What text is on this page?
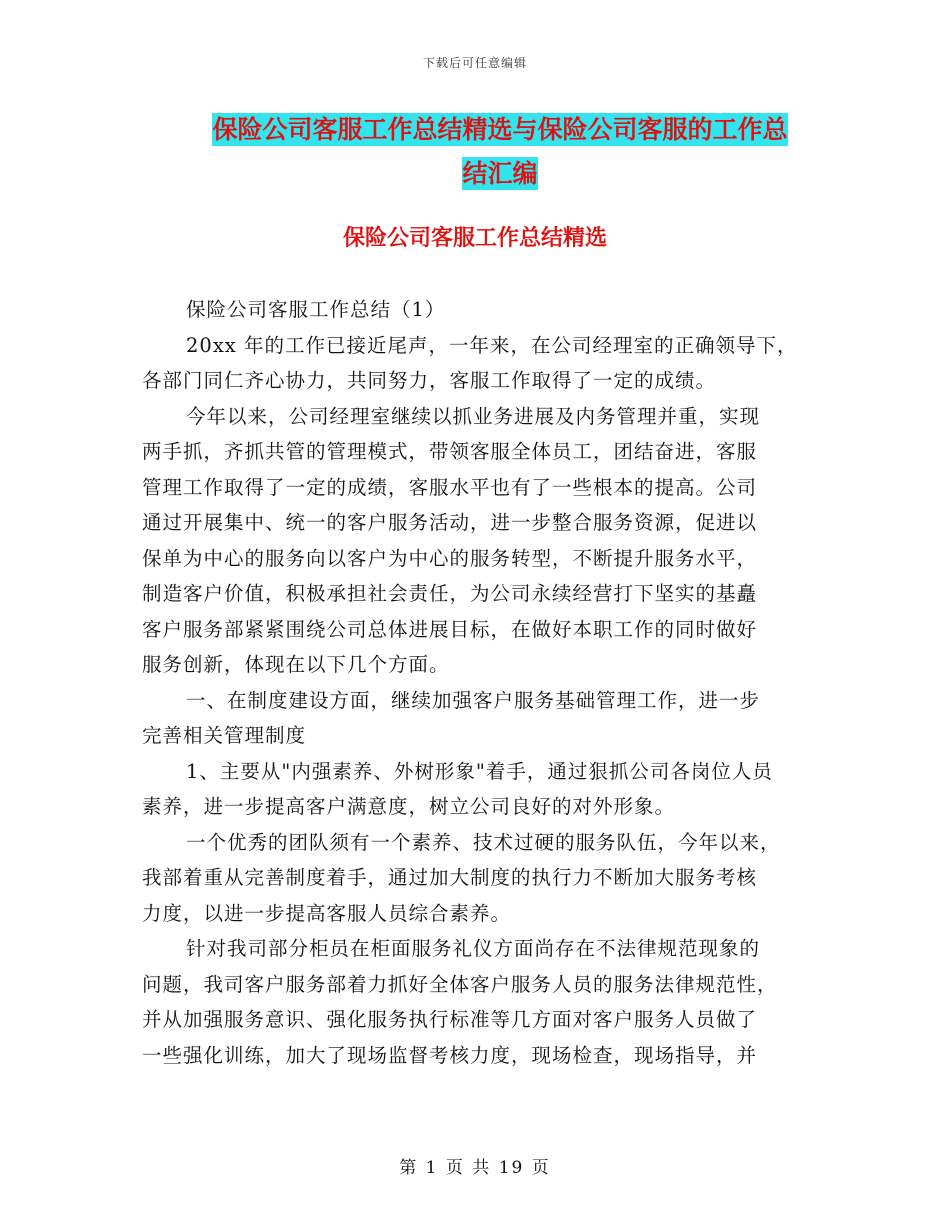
下载后可任意编辑
保险公司客服工作总结精选与保险公司客服的工作总
结汇编
保险公司客服工作总结精选
保险公司客服工作总结（1）
20xx 年的工作已接近尾声，一年来，在公司经理室的正确领导下，
各部门同仁齐心协力，共同努力，客服工作取得了一定的成绩。
今年以来，公司经理室继续以抓业务进展及内务管理并重，实现
两手抓，齐抓共管的管理模式，带领客服全体员工，团结奋进，客服
管理工作取得了一定的成绩，客服水平也有了一些根本的提高。公司
通过开展集中、统一的客户服务活动，进一步整合服务资源，促进以
保单为中心的服务向以客户为中心的服务转型，不断提升服务水平，
制造客户价值，积极承担社会责任，为公司永续经营打下坚实的基矗
客户服务部紧紧围绕公司总体进展目标，在做好本职工作的同时做好
服务创新，体现在以下几个方面。
一、在制度建设方面，继续加强客户服务基础管理工作，进一步
完善相关管理制度
1、主要从"内强素养、外树形象"着手，通过狠抓公司各岗位人员
素养，进一步提高客户满意度，树立公司良好的对外形象。
一个优秀的团队须有一个素养、技术过硬的服务队伍，今年以来，
我部着重从完善制度着手，通过加大制度的执行力不断加大服务考核
力度，以进一步提高客服人员综合素养。
针对我司部分柜员在柜面服务礼仪方面尚存在不法律规范现象的
问题，我司客户服务部着力抓好全体客户服务人员的服务法律规范性，
并从加强服务意识、强化服务执行标准等几方面对客户服务人员做了
一些强化训练，加大了现场监督考核力度，现场检查，现场指导，并
第 1 页 共 19 页
